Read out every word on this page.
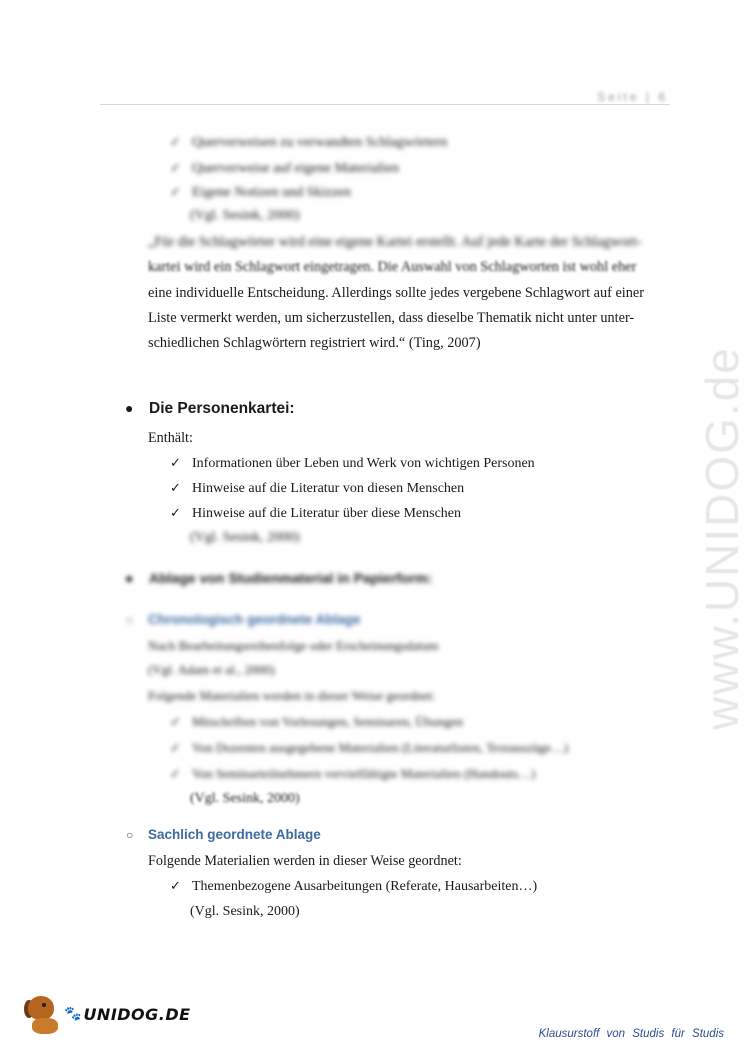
Seite | 6
www.UNIDOG.de
✓ Querverweisen zu verwandten Schlagwörtern
✓ Querverweise auf eigene Materialien
✓ Eigene Notizen und Skizzen
(Vgl. Sesink, 2000)
„Für die Schlagwörter wird eine eigene Kartei erstellt. Auf jede Karte der Schlagwort-
kartei wird ein Schlagwort eingetragen. Die Auswahl von Schlagworten ist wohl eher
eine individuelle Entscheidung. Allerdings sollte jedes vergebene Schlagwort auf einer
Liste vermerkt werden, um sicherzustellen, dass dieselbe Thematik nicht unter unter-
schiedlichen Schlagwörtern registriert wird.“ (Ting, 2007)
●	Die Personenkartei:
Enthält:
✓ Informationen über Leben und Werk von wichtigen Personen
✓ Hinweise auf die Literatur von diesen Menschen
✓ Hinweise auf die Literatur über diese Menschen
(Vgl. Sesink, 2000)
●	Ablage von Studienmaterial in Papierform:
○	Chronologisch geordnete Ablage
Nach Bearbeitungsreihenfolge oder Erscheinungsdatum
(Vgl. Adam et al., 2000)
Folgende Materialien werden in dieser Weise geordnet:
✓ Mitschriften von Vorlesungen, Seminaren, Übungen
✓ Von Dozenten ausgegebene Materialien (Literaturlisten, Textauszüge…)
✓ Von Seminarteilnehmern vervielfältigte Materialien (Handouts…)
(Vgl. Sesink, 2000)
○	Sachlich geordnete Ablage
Folgende Materialien werden in dieser Weise geordnet:
✓ Themenbezogene Ausarbeitungen (Referate, Hausarbeiten…)
(Vgl. Sesink, 2000)
🐾 UNIDOG.DE
Klausurstoff von Studis für Studis
